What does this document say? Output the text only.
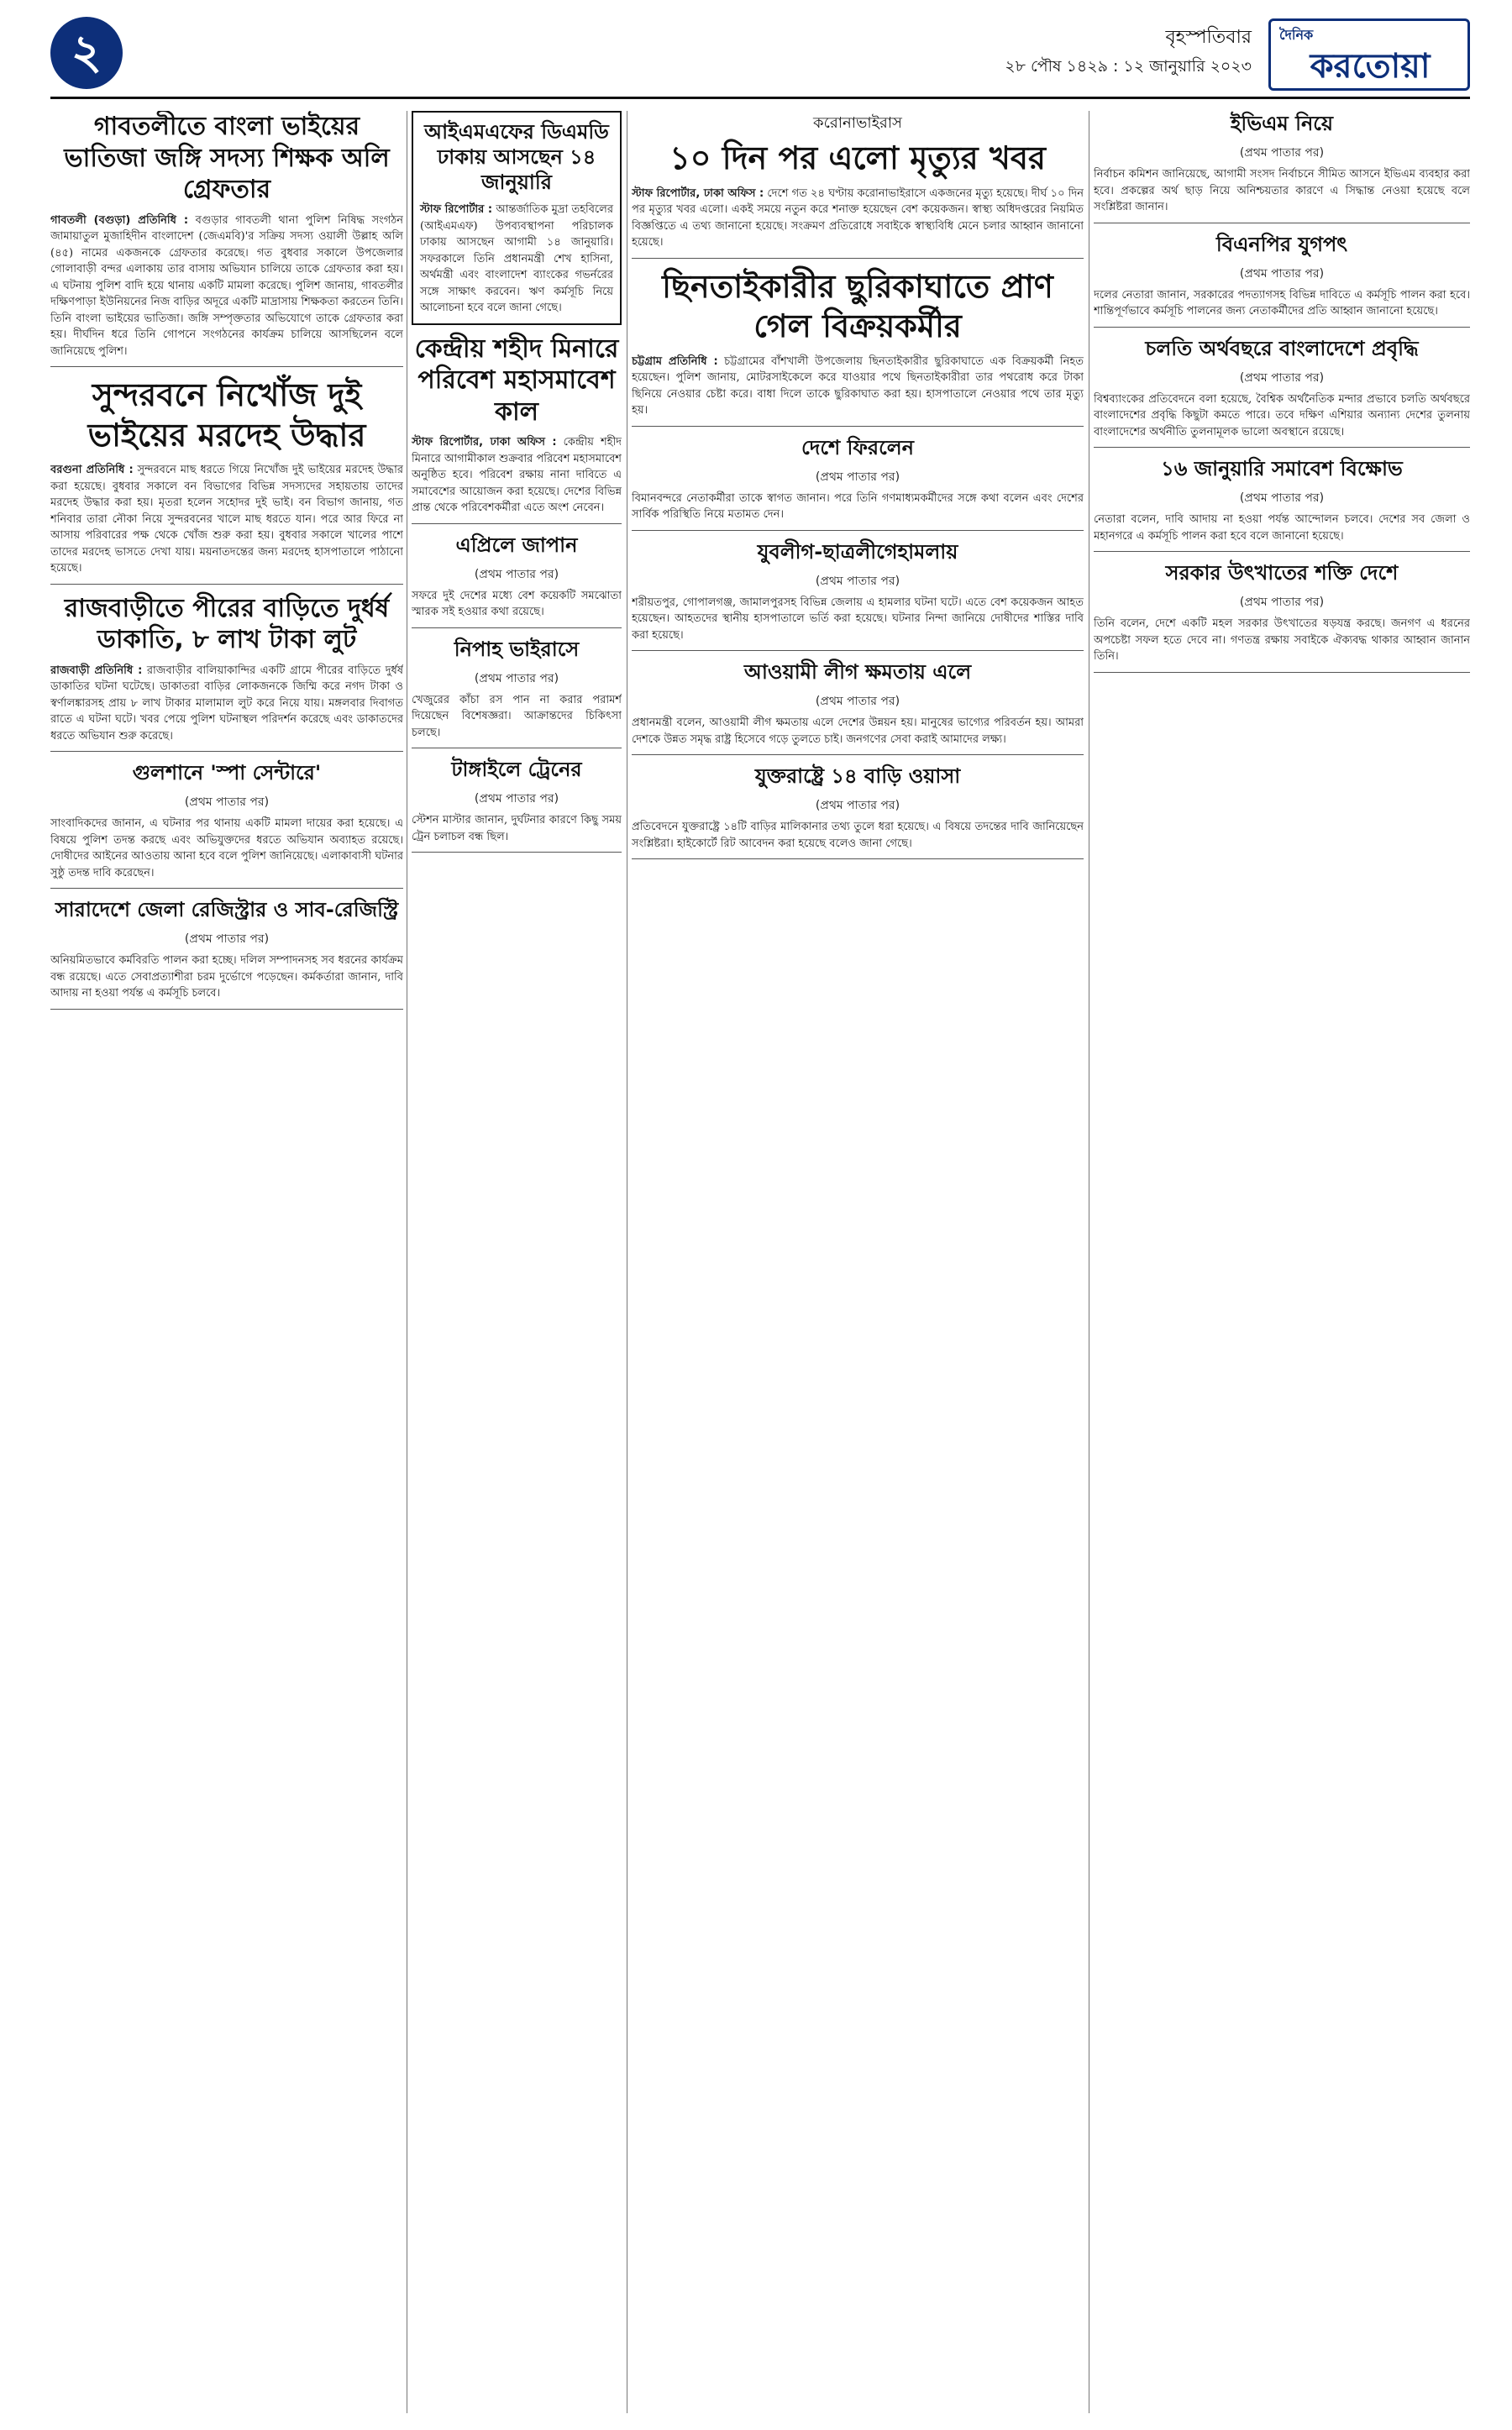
২	বৃহস্পতিবার
২৮ পৌষ ১৪২৯ : ১২ জানুয়ারি ২০২৩
দৈনিক
করতোয়া
গাবতলীতে বাংলা ভাইয়ের ভাতিজা জঙ্গি সদস্য শিক্ষক অলি গ্রেফতার
গাবতলী (বগুড়া) প্রতিনিধি : বগুড়ার গাবতলী থানা পুলিশ নিষিদ্ধ সংগঠন জামায়াতুল মুজাহিদীন বাংলাদেশ (জেএমবি)'র সক্রিয় সদস্য ওয়ালী উল্লাহ অলি (৪৫) নামের একজনকে গ্রেফতার করেছে। গত বুধবার সকালে উপজেলার গোলাবাড়ী বন্দর এলাকায় তার বাসায় অভিযান চালিয়ে তাকে গ্রেফতার করা হয়। এ ঘটনায় পুলিশ বাদি হয়ে থানায় একটি মামলা করেছে। পুলিশ জানায়, গাবতলীর দক্ষিণপাড়া ইউনিয়নের নিজ বাড়ির অদূরে একটি মাদ্রাসায় শিক্ষকতা করতেন তিনি। তিনি বাংলা ভাইয়ের ভাতিজা। জঙ্গি সম্পৃক্ততার অভিযোগে তাকে গ্রেফতার করা হয়। দীর্ঘদিন ধরে তিনি গোপনে সংগঠনের কার্যক্রম চালিয়ে আসছিলেন বলে জানিয়েছে পুলিশ।
সুন্দরবনে নিখোঁজ দুই ভাইয়ের মরদেহ উদ্ধার
বরগুনা প্রতিনিধি : সুন্দরবনে মাছ ধরতে গিয়ে নিখোঁজ দুই ভাইয়ের মরদেহ উদ্ধার করা হয়েছে। বুধবার সকালে বন বিভাগের বিভিন্ন সদস্যদের সহায়তায় তাদের মরদেহ উদ্ধার করা হয়। মৃতরা হলেন সহোদর দুই ভাই। বন বিভাগ জানায়, গত শনিবার তারা নৌকা নিয়ে সুন্দরবনের খালে মাছ ধরতে যান। পরে আর ফিরে না আসায় পরিবারের পক্ষ থেকে খোঁজ শুরু করা হয়। বুধবার সকালে খালের পাশে তাদের মরদেহ ভাসতে দেখা যায়। ময়নাতদন্তের জন্য মরদেহ হাসপাতালে পাঠানো হয়েছে।
রাজবাড়ীতে পীরের বাড়িতে দুর্ধর্ষ ডাকাতি, ৮ লাখ টাকা লুট
রাজবাড়ী প্রতিনিধি : রাজবাড়ীর বালিয়াকান্দির একটি গ্রামে পীরের বাড়িতে দুর্ধর্ষ ডাকাতির ঘটনা ঘটেছে। ডাকাতরা বাড়ির লোকজনকে জিম্মি করে নগদ টাকা ও স্বর্ণালঙ্কারসহ প্রায় ৮ লাখ টাকার মালামাল লুট করে নিয়ে যায়। মঙ্গলবার দিবাগত রাতে এ ঘটনা ঘটে। খবর পেয়ে পুলিশ ঘটনাস্থল পরিদর্শন করেছে এবং ডাকাতদের ধরতে অভিযান শুরু করেছে।
গুলশানে 'স্পা সেন্টারে'
(প্রথম পাতার পর)
সাংবাদিকদের জানান, এ ঘটনার পর থানায় একটি মামলা দায়ের করা হয়েছে। এ বিষয়ে পুলিশ তদন্ত করছে এবং অভিযুক্তদের ধরতে অভিযান অব্যাহত রয়েছে। দোষীদের আইনের আওতায় আনা হবে বলে পুলিশ জানিয়েছে। এলাকাবাসী ঘটনার সুষ্ঠু তদন্ত দাবি করেছেন।
সারাদেশে জেলা রেজিস্ট্রার ও সাব-রেজিস্ট্রি
(প্রথম পাতার পর)
অনিয়মিতভাবে কর্মবিরতি পালন করা হচ্ছে। দলিল সম্পাদনসহ সব ধরনের কার্যক্রম বন্ধ রয়েছে। এতে সেবাপ্রত্যাশীরা চরম দুর্ভোগে পড়েছেন। কর্মকর্তারা জানান, দাবি আদায় না হওয়া পর্যন্ত এ কর্মসূচি চলবে।
আইএমএফের ডিএমডি ঢাকায় আসছেন ১৪ জানুয়ারি
স্টাফ রিপোর্টার : আন্তর্জাতিক মুদ্রা তহবিলের (আইএমএফ) উপব্যবস্থাপনা পরিচালক ঢাকায় আসছেন আগামী ১৪ জানুয়ারি। সফরকালে তিনি প্রধানমন্ত্রী শেখ হাসিনা, অর্থমন্ত্রী এবং বাংলাদেশ ব্যাংকের গভর্নরের সঙ্গে সাক্ষাৎ করবেন। ঋণ কর্মসূচি নিয়ে আলোচনা হবে বলে জানা গেছে।
কেন্দ্রীয় শহীদ মিনারে পরিবেশ মহাসমাবেশ কাল
স্টাফ রিপোর্টার, ঢাকা অফিস : কেন্দ্রীয় শহীদ মিনারে আগামীকাল শুক্রবার পরিবেশ মহাসমাবেশ অনুষ্ঠিত হবে। পরিবেশ রক্ষায় নানা দাবিতে এ সমাবেশের আয়োজন করা হয়েছে। দেশের বিভিন্ন প্রান্ত থেকে পরিবেশকর্মীরা এতে অংশ নেবেন।
এপ্রিলে জাপান
(প্রথম পাতার পর)
সফরে দুই দেশের মধ্যে বেশ কয়েকটি সমঝোতা স্মারক সই হওয়ার কথা রয়েছে।
নিপাহ ভাইরাসে
(প্রথম পাতার পর)
খেজুরের কাঁচা রস পান না করার পরামর্শ দিয়েছেন বিশেষজ্ঞরা। আক্রান্তদের চিকিৎসা চলছে।
টাঙ্গাইলে ট্রেনের
(প্রথম পাতার পর)
স্টেশন মাস্টার জানান, দুর্ঘটনার কারণে কিছু সময় ট্রেন চলাচল বন্ধ ছিল।
করোনাভাইরাস
১০ দিন পর এলো মৃত্যুর খবর
স্টাফ রিপোর্টার, ঢাকা অফিস : দেশে গত ২৪ ঘণ্টায় করোনাভাইরাসে একজনের মৃত্যু হয়েছে। দীর্ঘ ১০ দিন পর মৃত্যুর খবর এলো। একই সময়ে নতুন করে শনাক্ত হয়েছেন বেশ কয়েকজন। স্বাস্থ্য অধিদপ্তরের নিয়মিত বিজ্ঞপ্তিতে এ তথ্য জানানো হয়েছে। সংক্রমণ প্রতিরোধে সবাইকে স্বাস্থ্যবিধি মেনে চলার আহ্বান জানানো হয়েছে।
ছিনতাইকারীর ছুরিকাঘাতে প্রাণ গেল বিক্রয়কর্মীর
চট্টগ্রাম প্রতিনিধি : চট্টগ্রামের বাঁশখালী উপজেলায় ছিনতাইকারীর ছুরিকাঘাতে এক বিক্রয়কর্মী নিহত হয়েছেন। পুলিশ জানায়, মোটরসাইকেলে করে যাওয়ার পথে ছিনতাইকারীরা তার পথরোধ করে টাকা ছিনিয়ে নেওয়ার চেষ্টা করে। বাধা দিলে তাকে ছুরিকাঘাত করা হয়। হাসপাতালে নেওয়ার পথে তার মৃত্যু হয়।
দেশে ফিরলেন
(প্রথম পাতার পর)
বিমানবন্দরে নেতাকর্মীরা তাকে স্বাগত জানান। পরে তিনি গণমাধ্যমকর্মীদের সঙ্গে কথা বলেন এবং দেশের সার্বিক পরিস্থিতি নিয়ে মতামত দেন।
যুবলীগ-ছাত্রলীগেহামলায়
(প্রথম পাতার পর)
শরীয়তপুর, গোপালগঞ্জ, জামালপুরসহ বিভিন্ন জেলায় এ হামলার ঘটনা ঘটে। এতে বেশ কয়েকজন আহত হয়েছেন। আহতদের স্থানীয় হাসপাতালে ভর্তি করা হয়েছে। ঘটনার নিন্দা জানিয়ে দোষীদের শাস্তির দাবি করা হয়েছে।
আওয়ামী লীগ ক্ষমতায় এলে
(প্রথম পাতার পর)
প্রধানমন্ত্রী বলেন, আওয়ামী লীগ ক্ষমতায় এলে দেশের উন্নয়ন হয়। মানুষের ভাগ্যের পরিবর্তন হয়। আমরা দেশকে উন্নত সমৃদ্ধ রাষ্ট্র হিসেবে গড়ে তুলতে চাই। জনগণের সেবা করাই আমাদের লক্ষ্য।
যুক্তরাষ্ট্রে ১৪ বাড়ি ওয়াসা
(প্রথম পাতার পর)
প্রতিবেদনে যুক্তরাষ্ট্রে ১৪টি বাড়ির মালিকানার তথ্য তুলে ধরা হয়েছে। এ বিষয়ে তদন্তের দাবি জানিয়েছেন সংশ্লিষ্টরা। হাইকোর্টে রিট আবেদন করা হয়েছে বলেও জানা গেছে।
ইভিএম নিয়ে
(প্রথম পাতার পর)
নির্বাচন কমিশন জানিয়েছে, আগামী সংসদ নির্বাচনে সীমিত আসনে ইভিএম ব্যবহার করা হবে। প্রকল্পের অর্থ ছাড় নিয়ে অনিশ্চয়তার কারণে এ সিদ্ধান্ত নেওয়া হয়েছে বলে সংশ্লিষ্টরা জানান।
বিএনপির যুগপৎ
(প্রথম পাতার পর)
দলের নেতারা জানান, সরকারের পদত্যাগসহ বিভিন্ন দাবিতে এ কর্মসূচি পালন করা হবে। শান্তিপূর্ণভাবে কর্মসূচি পালনের জন্য নেতাকর্মীদের প্রতি আহ্বান জানানো হয়েছে।
চলতি অর্থবছরে বাংলাদেশে প্রবৃদ্ধি
(প্রথম পাতার পর)
বিশ্বব্যাংকের প্রতিবেদনে বলা হয়েছে, বৈশ্বিক অর্থনৈতিক মন্দার প্রভাবে চলতি অর্থবছরে বাংলাদেশের প্রবৃদ্ধি কিছুটা কমতে পারে। তবে দক্ষিণ এশিয়ার অন্যান্য দেশের তুলনায় বাংলাদেশের অর্থনীতি তুলনামূলক ভালো অবস্থানে রয়েছে।
১৬ জানুয়ারি সমাবেশ বিক্ষোভ
(প্রথম পাতার পর)
নেতারা বলেন, দাবি আদায় না হওয়া পর্যন্ত আন্দোলন চলবে। দেশের সব জেলা ও মহানগরে এ কর্মসূচি পালন করা হবে বলে জানানো হয়েছে।
সরকার উৎখাতের শক্তি দেশে
(প্রথম পাতার পর)
তিনি বলেন, দেশে একটি মহল সরকার উৎখাতের ষড়যন্ত্র করছে। জনগণ এ ধরনের অপচেষ্টা সফল হতে দেবে না। গণতন্ত্র রক্ষায় সবাইকে ঐক্যবদ্ধ থাকার আহ্বান জানান তিনি।
